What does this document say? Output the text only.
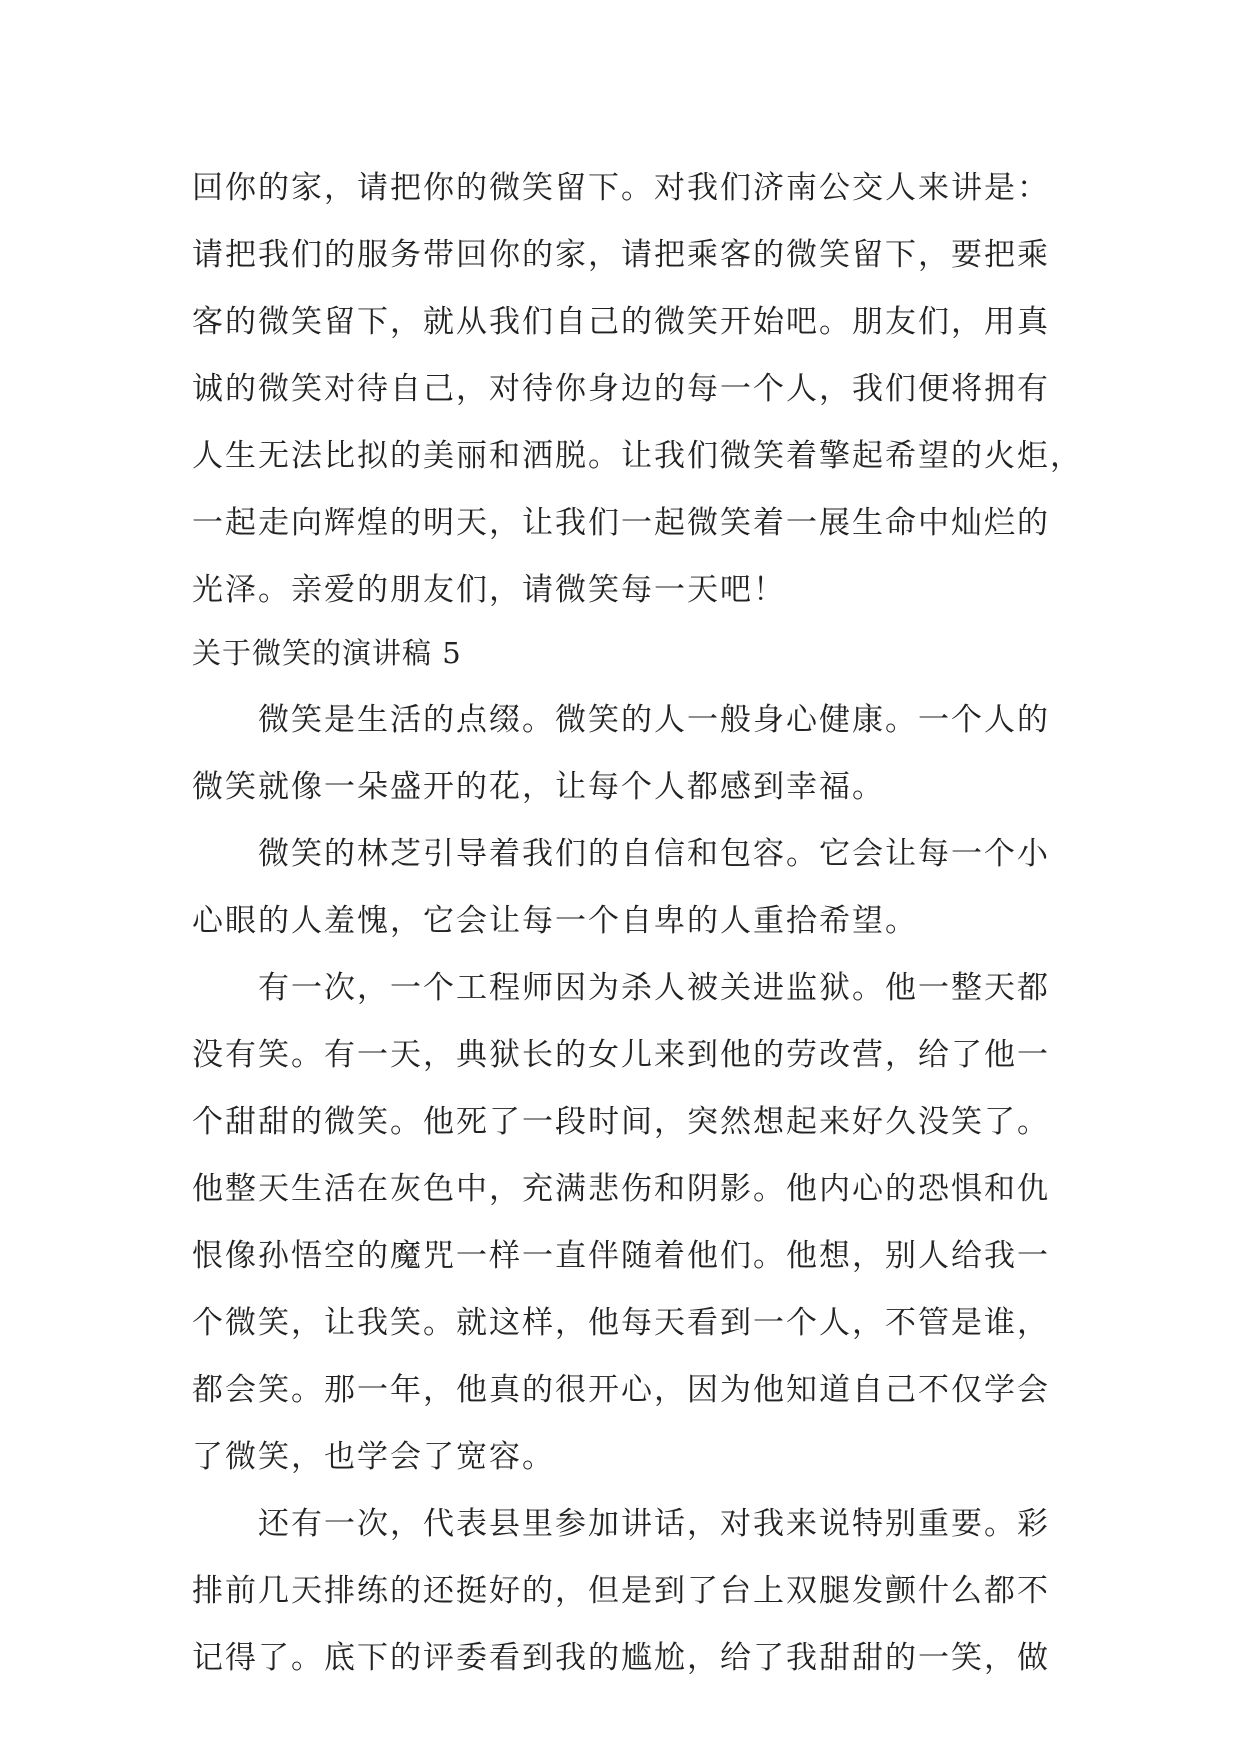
回你的家，请把你的微笑留下。对我们济南公交人来讲是：
请把我们的服务带回你的家，请把乘客的微笑留下，要把乘
客的微笑留下，就从我们自己的微笑开始吧。朋友们，用真
诚的微笑对待自己，对待你身边的每一个人，我们便将拥有
人生无法比拟的美丽和洒脱。让我们微笑着擎起希望的火炬，
一起走向辉煌的明天，让我们一起微笑着一展生命中灿烂的
光泽。亲爱的朋友们，请微笑每一天吧！
关于微笑的演讲稿 5
微笑是生活的点缀。微笑的人一般身心健康。一个人的
微笑就像一朵盛开的花，让每个人都感到幸福。
微笑的林芝引导着我们的自信和包容。它会让每一个小
心眼的人羞愧，它会让每一个自卑的人重拾希望。
有一次，一个工程师因为杀人被关进监狱。他一整天都
没有笑。有一天，典狱长的女儿来到他的劳改营，给了他一
个甜甜的微笑。他死了一段时间，突然想起来好久没笑了。
他整天生活在灰色中，充满悲伤和阴影。他内心的恐惧和仇
恨像孙悟空的魔咒一样一直伴随着他们。他想，别人给我一
个微笑，让我笑。就这样，他每天看到一个人，不管是谁，
都会笑。那一年，他真的很开心，因为他知道自己不仅学会
了微笑，也学会了宽容。
还有一次，代表县里参加讲话，对我来说特别重要。彩
排前几天排练的还挺好的，但是到了台上双腿发颤什么都不
记得了。底下的评委看到我的尴尬，给了我甜甜的一笑，做
